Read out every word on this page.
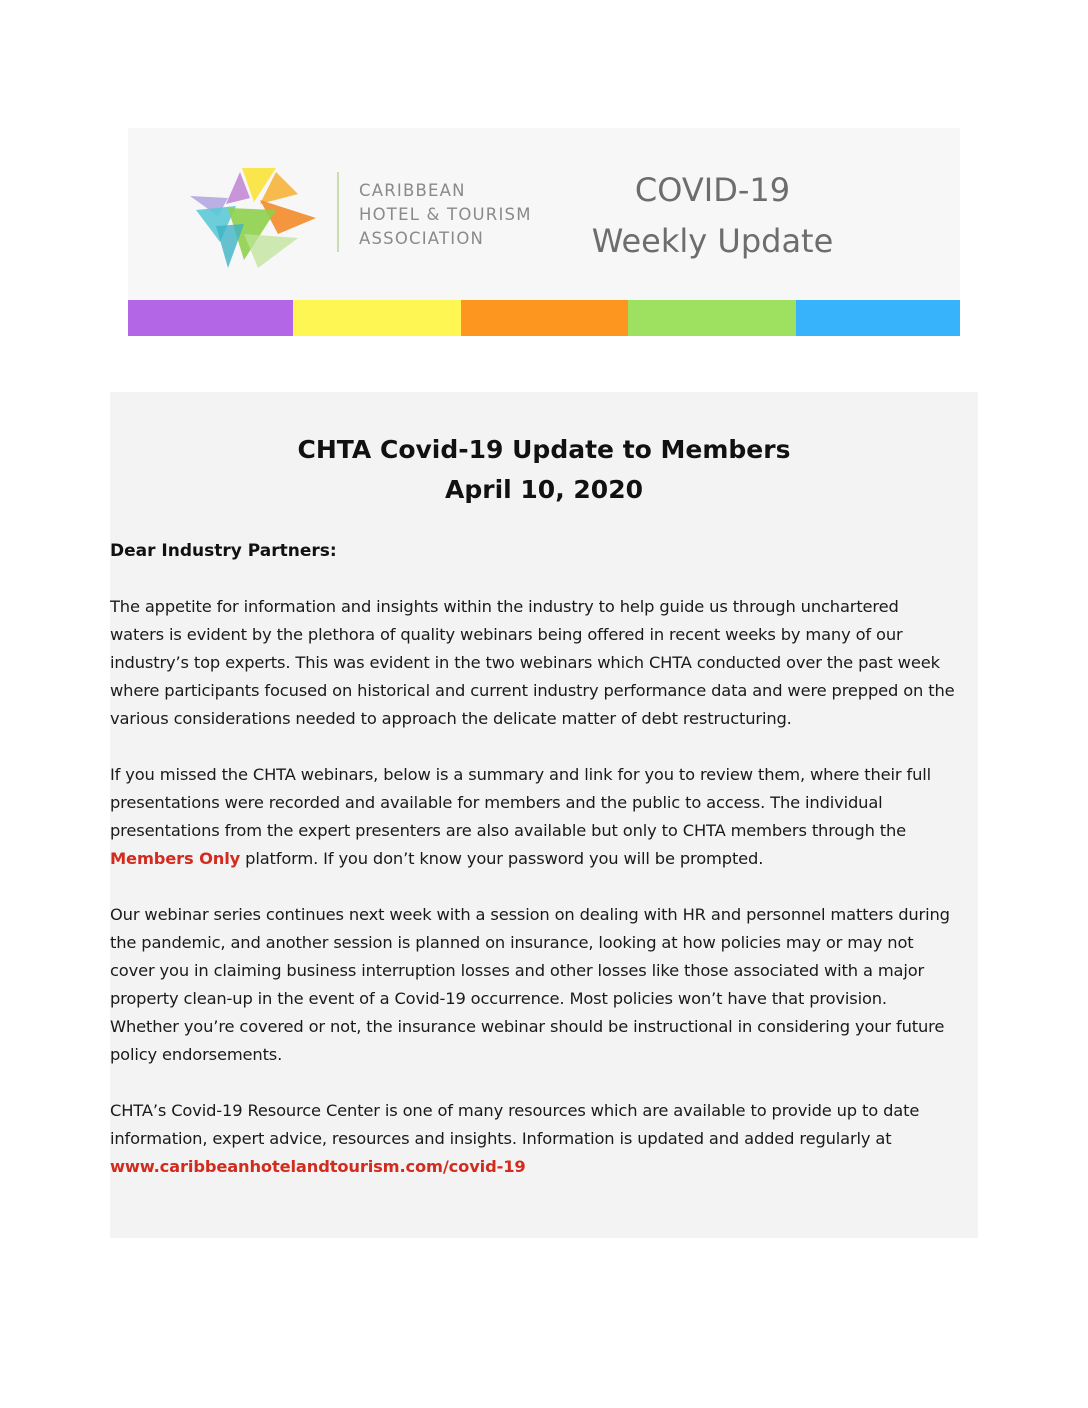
CARIBBEAN
HOTEL & TOURISM
ASSOCIATION
COVID-19
Weekly Update
CHTA Covid-19 Update to Members
April 10, 2020
Dear Industry Partners:
The appetite for information and insights within the industry to help guide us through unchartered
waters is evident by the plethora of quality webinars being offered in recent weeks by many of our
industry’s top experts. This was evident in the two webinars which CHTA conducted over the past week
where participants focused on historical and current industry performance data and were prepped on the
various considerations needed to approach the delicate matter of debt restructuring.
If you missed the CHTA webinars, below is a summary and link for you to review them, where their full
presentations were recorded and available for members and the public to access. The individual
presentations from the expert presenters are also available but only to CHTA members through the
Members Only platform. If you don’t know your password you will be prompted.
Our webinar series continues next week with a session on dealing with HR and personnel matters during
the pandemic, and another session is planned on insurance, looking at how policies may or may not
cover you in claiming business interruption losses and other losses like those associated with a major
property clean-up in the event of a Covid-19 occurrence. Most policies won’t have that provision.
Whether you’re covered or not, the insurance webinar should be instructional in considering your future
policy endorsements.
CHTA’s Covid-19 Resource Center is one of many resources which are available to provide up to date
information, expert advice, resources and insights. Information is updated and added regularly at
www.caribbeanhotelandtourism.com/covid-19
